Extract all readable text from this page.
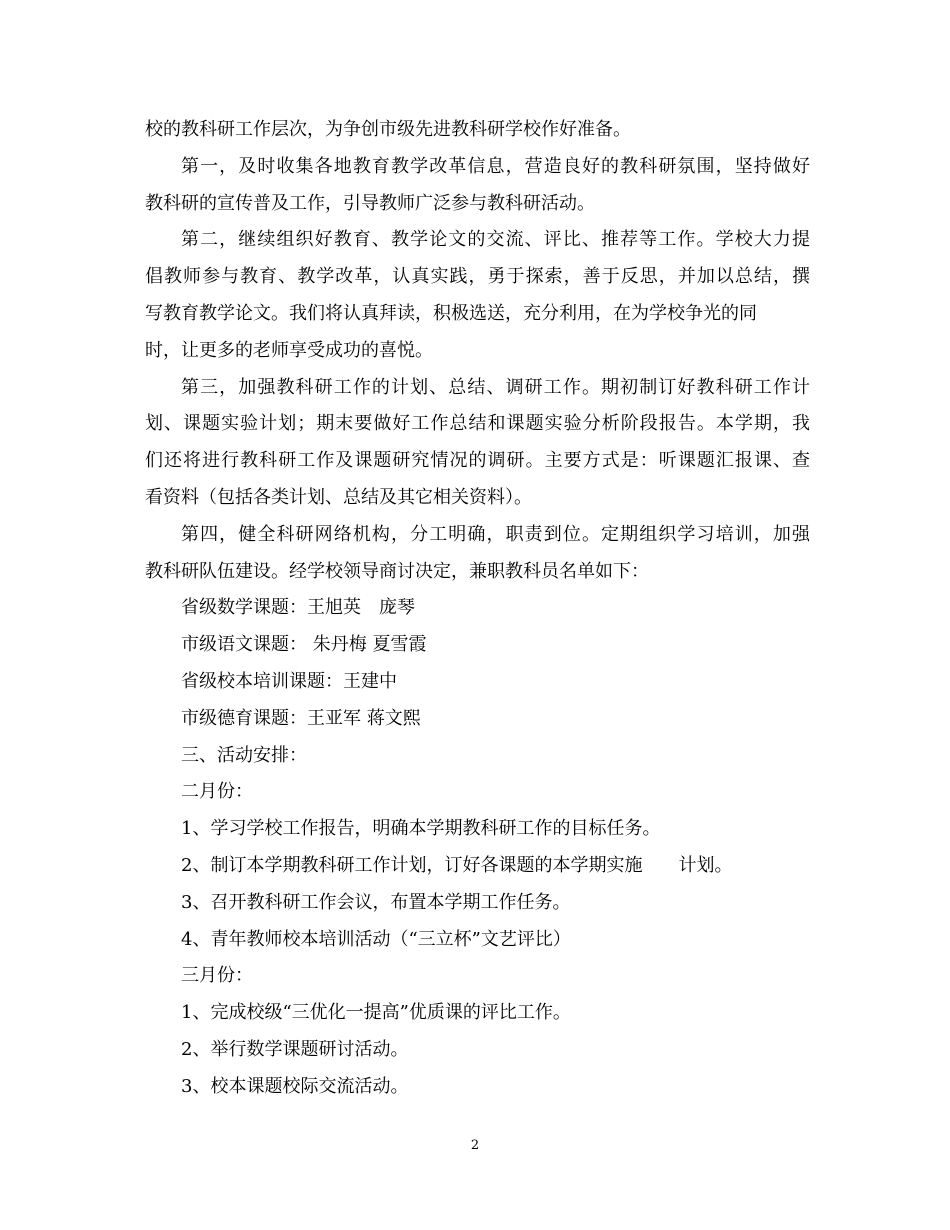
校的教科研工作层次，为争创市级先进教科研学校作好准备。
第一，及时收集各地教育教学改革信息，营造良好的教科研氛围，坚持做好
教科研的宣传普及工作，引导教师广泛参与教科研活动。
第二，继续组织好教育、教学论文的交流、评比、推荐等工作。学校大力提
倡教师参与教育、教学改革，认真实践，勇于探索，善于反思，并加以总结，撰
写教育教学论文。我们将认真拜读，积极选送，充分利用，在为学校争光的同
时，让更多的老师享受成功的喜悦。
第三，加强教科研工作的计划、总结、调研工作。期初制订好教科研工作计
划、课题实验计划；期末要做好工作总结和课题实验分析阶段报告。本学期，我
们还将进行教科研工作及课题研究情况的调研。主要方式是：听课题汇报课、查
看资料（包括各类计划、总结及其它相关资料）。
第四，健全科研网络机构，分工明确，职责到位。定期组织学习培训，加强
教科研队伍建设。经学校领导商讨决定，兼职教科员名单如下：
省级数学课题：王旭英　庞琴
市级语文课题： 朱丹梅 夏雪霞
省级校本培训课题：王建中
市级德育课题：王亚军 蒋文熙
三、活动安排：
二月份：
1、学习学校工作报告，明确本学期教科研工作的目标任务。
2、制订本学期教科研工作计划，订好各课题的本学期实施　　计划。
3、召开教科研工作会议，布置本学期工作任务。
4、青年教师校本培训活动（“三立杯”文艺评比）
三月份：
1、完成校级“三优化一提高”优质课的评比工作。
2、举行数学课题研讨活动。
3、校本课题校际交流活动。
2
